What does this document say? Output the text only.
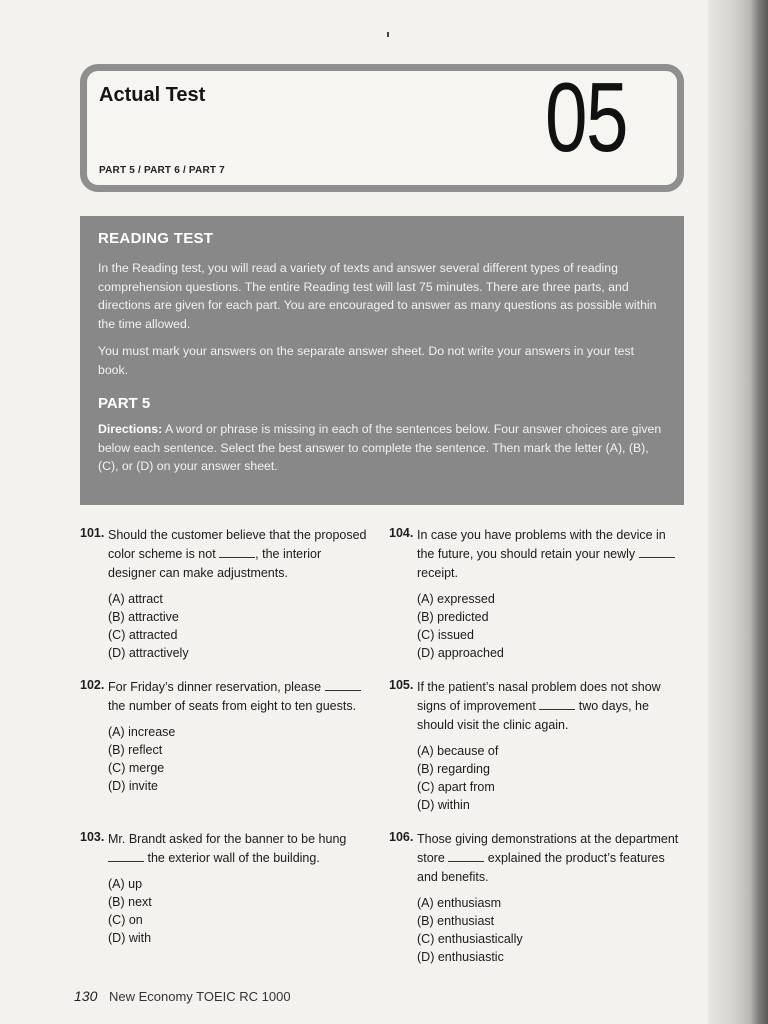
Actual Test
PART 5 / PART 6 / PART 7	05
READING TEST

In the Reading test, you will read a variety of texts and answer several different types of reading comprehension questions. The entire Reading test will last 75 minutes. There are three parts, and directions are given for each part. You are encouraged to answer as many questions as possible within the time allowed.

You must mark your answers on the separate answer sheet. Do not write your answers in your test book.

PART 5

Directions: A word or phrase is missing in each of the sentences below. Four answer choices are given below each sentence. Select the best answer to complete the sentence. Then mark the letter (A), (B), (C), or (D) on your answer sheet.

101. Should the customer believe that the proposed color scheme is not	, the interior designer can make adjustments.
(A) attract
(B) attractive
(C) attracted
(D) attractively
102. For Friday’s dinner reservation, please  the number of seats from eight to ten guests.
(A) increase
(B) reflect
(C) merge
(D) invite
103. Mr. Brandt asked for the banner to be hung  the exterior wall of the building.
(A) up
(B) next
(C) on
(D) with
104. In case you have problems with the device in the future, you should retain your newly  receipt.
(A) expressed
(B) predicted
(C) issued
(D) approached
105. If the patient’s nasal problem does not show signs of improvement	two days, he should visit the clinic again.
(A) because of
(B) regarding
(C) apart from
(D) within
106. Those giving demonstrations at the department store	explained the product’s features and benefits.
(A) enthusiasm
(B) enthusiast
(C) enthusiastically
(D) enthusiastic
130 New Economy TOEIC RC 1000
